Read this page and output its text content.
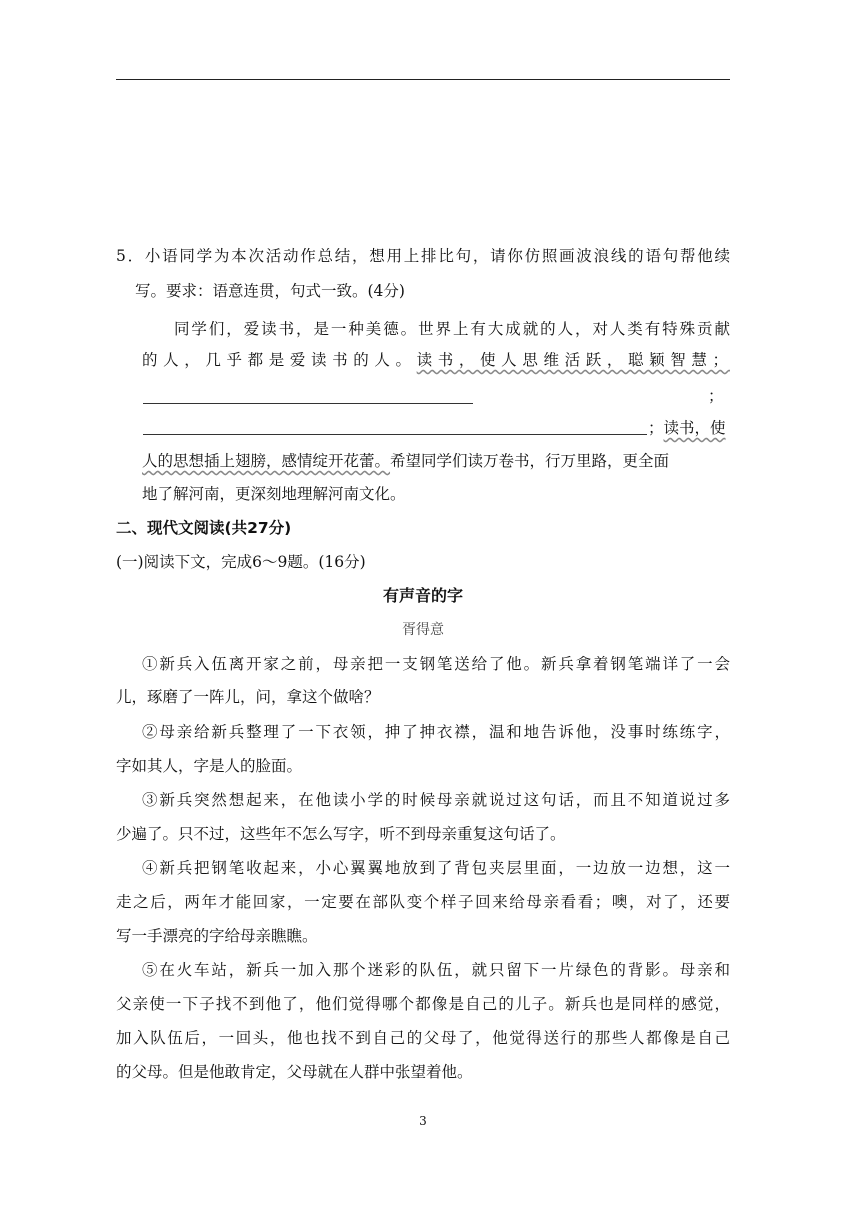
5．小语同学为本次活动作总结，想用上排比句，请你仿照画波浪线的语句帮他续
写。要求：语意连贯，句式一致。(4分)
同学们，爱读书，是一种美德。世界上有大成就的人，对人类有特殊贡献
的人，几乎都是爱读书的人。读书，使人思维活跃，聪颖智慧；
；
；读书，使
人的思想插上翅膀，感情绽开花蕾。希望同学们读万卷书，行万里路，更全面
地了解河南，更深刻地理解河南文化。
二、现代文阅读(共27分)
(一)阅读下文，完成6～9题。(16分)
有声音的字
胥得意
①新兵入伍离开家之前，母亲把一支钢笔送给了他。新兵拿着钢笔端详了一会
儿，琢磨了一阵儿，问，拿这个做啥？
②母亲给新兵整理了一下衣领，抻了抻衣襟，温和地告诉他，没事时练练字，
字如其人，字是人的脸面。
③新兵突然想起来，在他读小学的时候母亲就说过这句话，而且不知道说过多
少遍了。只不过，这些年不怎么写字，听不到母亲重复这句话了。
④新兵把钢笔收起来，小心翼翼地放到了背包夹层里面，一边放一边想，这一
走之后，两年才能回家，一定要在部队变个样子回来给母亲看看；噢，对了，还要
写一手漂亮的字给母亲瞧瞧。
⑤在火车站，新兵一加入那个迷彩的队伍，就只留下一片绿色的背影。母亲和
父亲使一下子找不到他了，他们觉得哪个都像是自己的儿子。新兵也是同样的感觉，
加入队伍后，一回头，他也找不到自己的父母了，他觉得送行的那些人都像是自己
的父母。但是他敢肯定，父母就在人群中张望着他。
3
